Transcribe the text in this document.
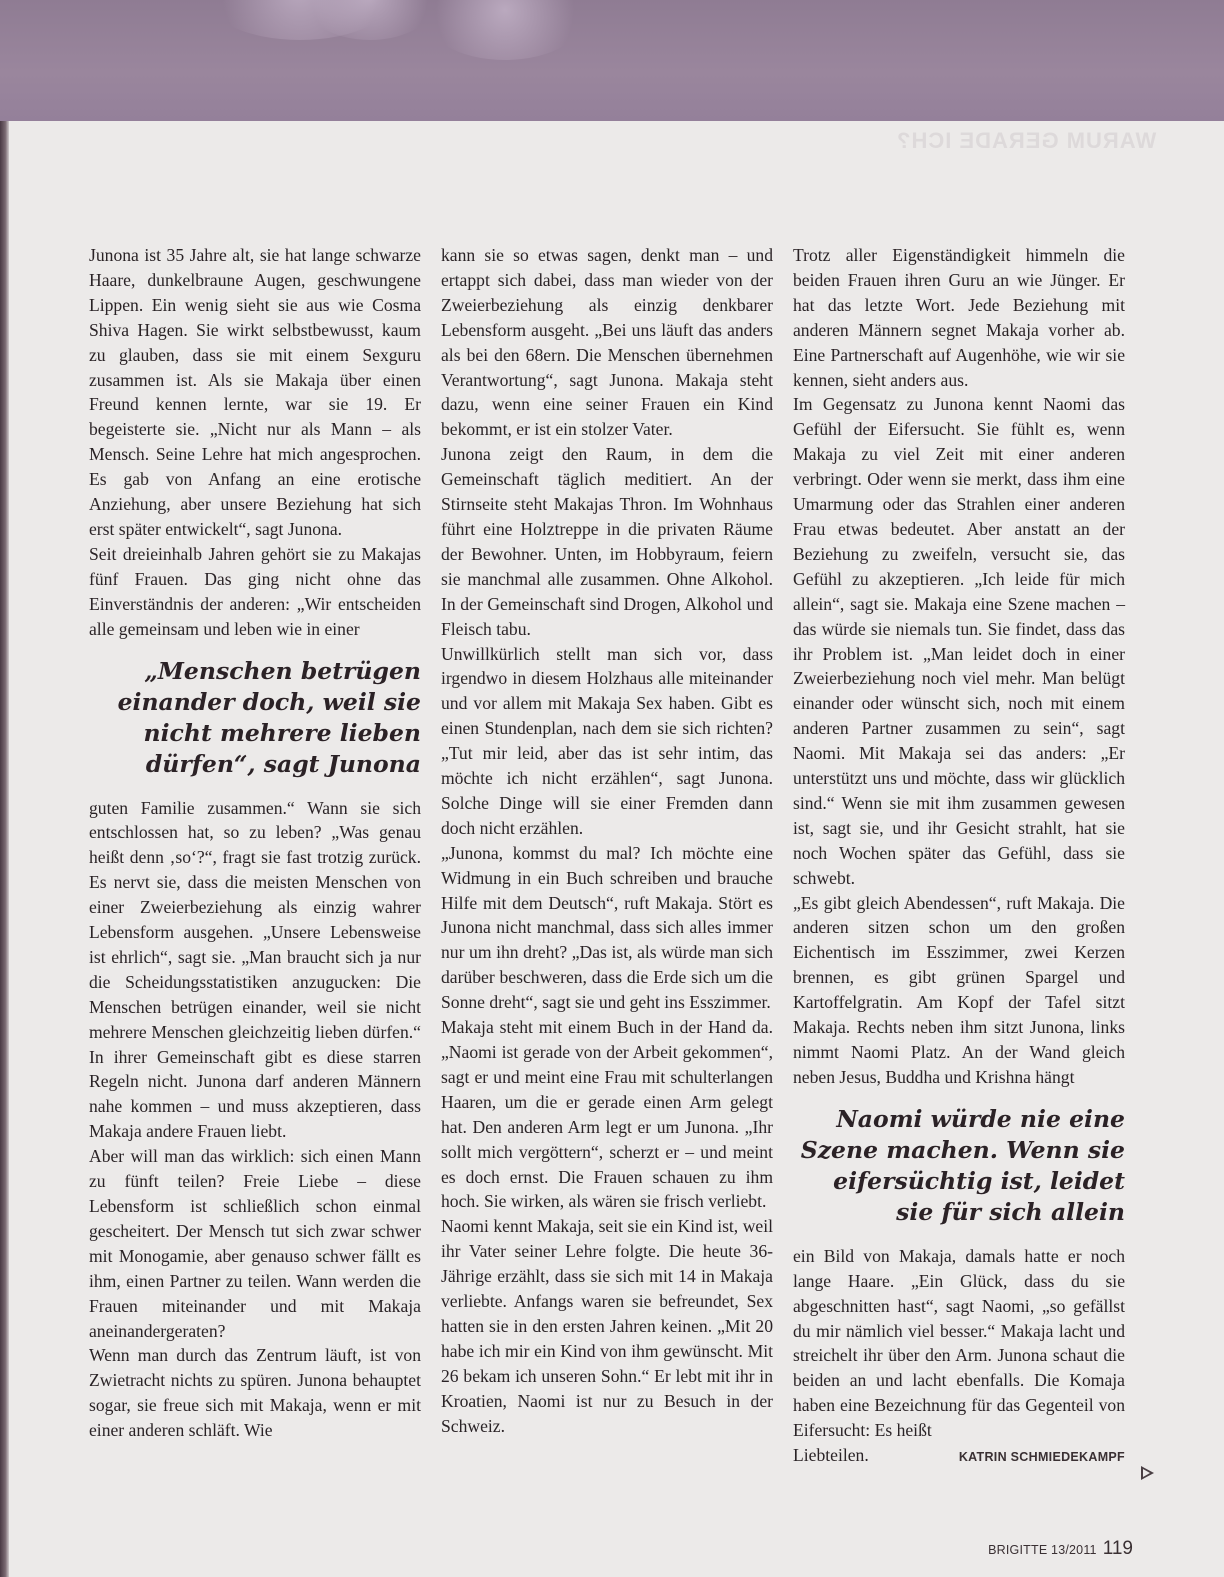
WARUM GERADE ICH?

Junona ist 35 Jahre alt, sie hat lange schwarze Haare, dunkelbraune Augen, geschwungene Lippen. Ein wenig sieht sie aus wie Cosma Shiva Hagen. Sie wirkt selbstbewusst, kaum zu glauben, dass sie mit einem Sexguru zusammen ist. Als sie Makaja über einen Freund kennen lernte, war sie 19. Er begeisterte sie. „Nicht nur als Mann – als Mensch. Seine Lehre hat mich angesprochen. Es gab von Anfang an eine erotische Anziehung, aber unsere Beziehung hat sich erst später entwickelt“, sagt Junona.

Seit dreieinhalb Jahren gehört sie zu Makajas fünf Frauen. Das ging nicht ohne das Einverständnis der anderen: „Wir entscheiden alle gemeinsam und leben wie in einer

„Menschen betrügen einander doch, weil sie nicht mehrere lieben dürfen“, sagt Junona

guten Familie zusammen.“ Wann sie sich entschlossen hat, so zu leben? „Was genau heißt denn ‚so‘?“, fragt sie fast trotzig zurück. Es nervt sie, dass die meisten Menschen von einer Zweierbeziehung als einzig wahrer Lebensform ausgehen. „Unsere Lebensweise ist ehrlich“, sagt sie. „Man braucht sich ja nur die Scheidungsstatistiken anzugucken: Die Menschen betrügen einander, weil sie nicht mehrere Menschen gleichzeitig lieben dürfen.“ In ihrer Gemeinschaft gibt es diese starren Regeln nicht. Junona darf anderen Männern nahe kommen – und muss akzeptieren, dass Makaja andere Frauen liebt.

Aber will man das wirklich: sich einen Mann zu fünft teilen? Freie Liebe – diese Lebensform ist schließlich schon einmal gescheitert. Der Mensch tut sich zwar schwer mit Monogamie, aber genauso schwer fällt es ihm, einen Partner zu teilen. Wann werden die Frauen miteinander und mit Makaja aneinandergeraten?

Wenn man durch das Zentrum läuft, ist von Zwietracht nichts zu spüren. Junona behauptet sogar, sie freue sich mit Makaja, wenn er mit einer anderen schläft. Wie

kann sie so etwas sagen, denkt man – und ertappt sich dabei, dass man wieder von der Zweierbeziehung als einzig denkbarer Lebensform ausgeht. „Bei uns läuft das anders als bei den 68ern. Die Menschen übernehmen Verantwortung“, sagt Junona. Makaja steht dazu, wenn eine seiner Frauen ein Kind bekommt, er ist ein stolzer Vater.

Junona zeigt den Raum, in dem die Gemeinschaft täglich meditiert. An der Stirnseite steht Makajas Thron. Im Wohnhaus führt eine Holztreppe in die privaten Räume der Bewohner. Unten, im Hobbyraum, feiern sie manchmal alle zusammen. Ohne Alkohol. In der Gemeinschaft sind Drogen, Alkohol und Fleisch tabu.

Unwillkürlich stellt man sich vor, dass irgendwo in diesem Holzhaus alle miteinander und vor allem mit Makaja Sex haben. Gibt es einen Stundenplan, nach dem sie sich richten? „Tut mir leid, aber das ist sehr intim, das möchte ich nicht erzählen“, sagt Junona. Solche Dinge will sie einer Fremden dann doch nicht erzählen.

„Junona, kommst du mal? Ich möchte eine Widmung in ein Buch schreiben und brauche Hilfe mit dem Deutsch“, ruft Makaja. Stört es Junona nicht manchmal, dass sich alles immer nur um ihn dreht? „Das ist, als würde man sich darüber beschweren, dass die Erde sich um die Sonne dreht“, sagt sie und geht ins Esszimmer.

Makaja steht mit einem Buch in der Hand da. „Naomi ist gerade von der Arbeit gekommen“, sagt er und meint eine Frau mit schulterlangen Haaren, um die er gerade einen Arm gelegt hat. Den anderen Arm legt er um Junona. „Ihr sollt mich vergöttern“, scherzt er – und meint es doch ernst. Die Frauen schauen zu ihm hoch. Sie wirken, als wären sie frisch verliebt.

Naomi kennt Makaja, seit sie ein Kind ist, weil ihr Vater seiner Lehre folgte. Die heute 36-Jährige erzählt, dass sie sich mit 14 in Makaja verliebte. Anfangs waren sie befreundet, Sex hatten sie in den ersten Jahren keinen. „Mit 20 habe ich mir ein Kind von ihm gewünscht. Mit 26 bekam ich unseren Sohn.“ Er lebt mit ihr in Kroatien, Naomi ist nur zu Besuch in der Schweiz.

Trotz aller Eigenständigkeit himmeln die beiden Frauen ihren Guru an wie Jünger. Er hat das letzte Wort. Jede Beziehung mit anderen Männern segnet Makaja vorher ab. Eine Partnerschaft auf Augenhöhe, wie wir sie kennen, sieht anders aus.

Im Gegensatz zu Junona kennt Naomi das Gefühl der Eifersucht. Sie fühlt es, wenn Makaja zu viel Zeit mit einer anderen verbringt. Oder wenn sie merkt, dass ihm eine Umarmung oder das Strahlen einer anderen Frau etwas bedeutet. Aber anstatt an der Beziehung zu zweifeln, versucht sie, das Gefühl zu akzeptieren. „Ich leide für mich allein“, sagt sie. Makaja eine Szene machen – das würde sie niemals tun. Sie findet, dass das ihr Problem ist. „Man leidet doch in einer Zweierbeziehung noch viel mehr. Man belügt einander oder wünscht sich, noch mit einem anderen Partner zusammen zu sein“, sagt Naomi. Mit Makaja sei das anders: „Er unterstützt uns und möchte, dass wir glücklich sind.“ Wenn sie mit ihm zusammen gewesen ist, sagt sie, und ihr Gesicht strahlt, hat sie noch Wochen später das Gefühl, dass sie schwebt.

„Es gibt gleich Abendessen“, ruft Makaja. Die anderen sitzen schon um den großen Eichentisch im Esszimmer, zwei Kerzen brennen, es gibt grünen Spargel und Kartoffelgratin. Am Kopf der Tafel sitzt Makaja. Rechts neben ihm sitzt Junona, links nimmt Naomi Platz. An der Wand gleich neben Jesus, Buddha und Krishna hängt

Naomi würde nie eine Szene machen. Wenn sie eifersüchtig ist, leidet sie für sich allein

ein Bild von Makaja, damals hatte er noch lange Haare. „Ein Glück, dass du sie abgeschnitten hast“, sagt Naomi, „so gefällst du mir nämlich viel besser.“ Makaja lacht und streichelt ihr über den Arm. Junona schaut die beiden an und lacht ebenfalls. Die Komaja haben eine Bezeichnung für das Gegenteil von Eifersucht: Es heißt

Liebteilen.	KATRIN SCHMIEDEKAMPF
BRIGITTE 13/2011 119
